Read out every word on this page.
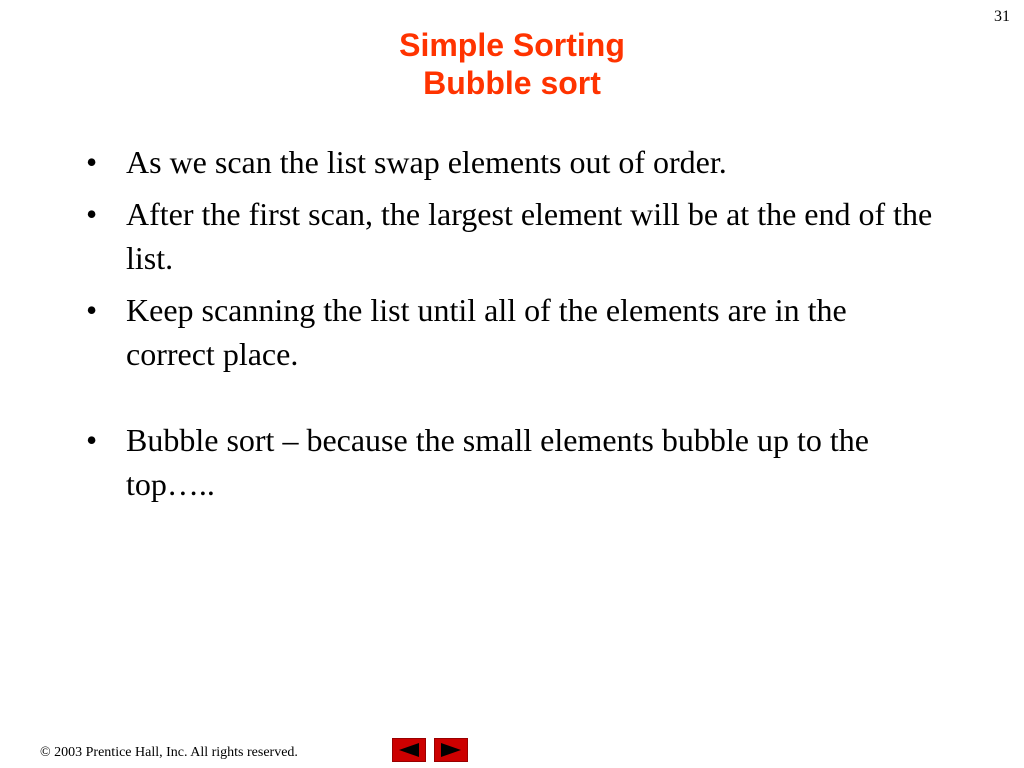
31
Simple Sorting
Bubble sort
• As we scan the list swap elements out of order.
• After the first scan, the largest element will be at the end of the list.
• Keep scanning the list until all of the elements are in the correct place.
• Bubble sort – because the small elements bubble up to the top…..
© 2003 Prentice Hall, Inc. All rights reserved.
